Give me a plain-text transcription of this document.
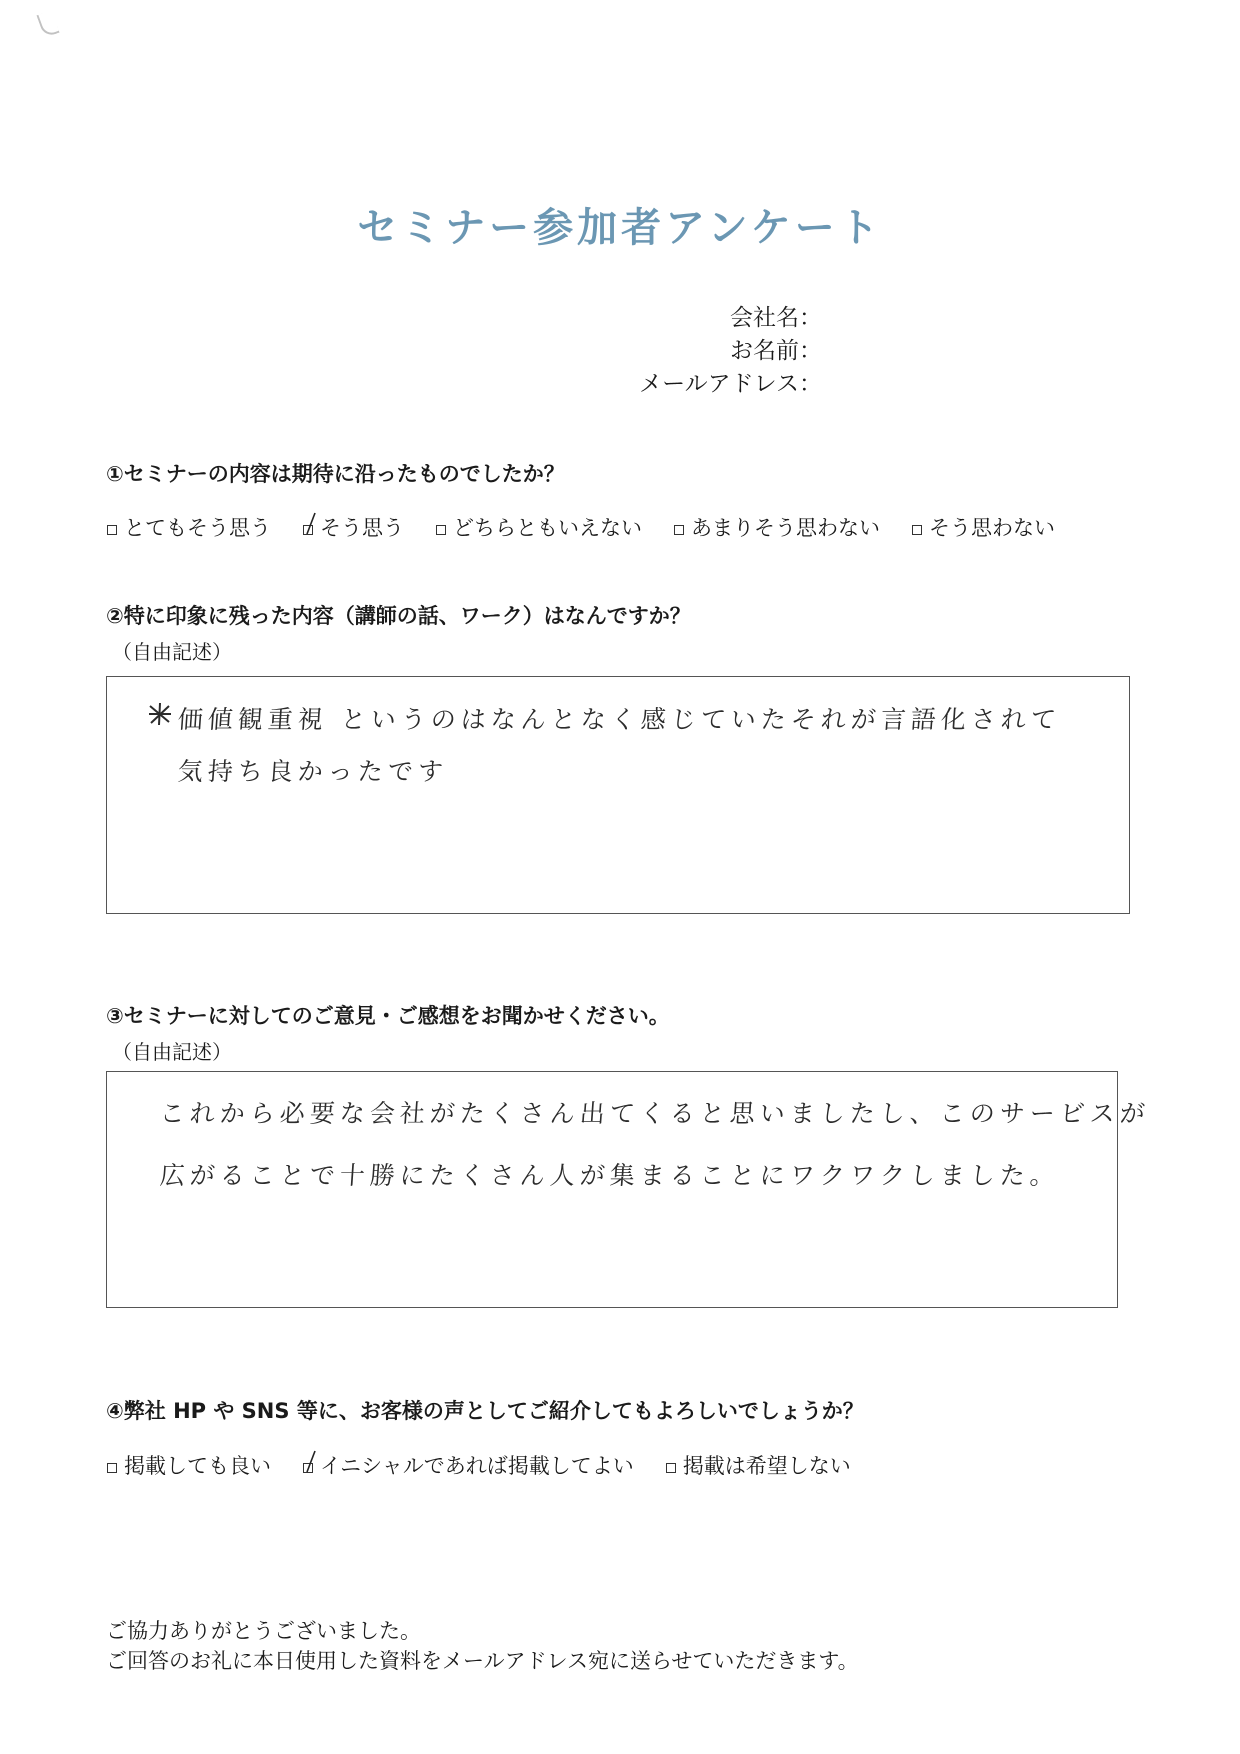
セミナー参加者アンケート
会社名：
お名前：
メールアドレス：
①セミナーの内容は期待に沿ったものでしたか？
とてもそう思う そう思う どちらともいえない あまりそう思わない そう思わない
②特に印象に残った内容（講師の話、ワーク）はなんですか？
（自由記述）
価値観重視 というのはなんとなく感じていたそれが言語化されて
気持ち良かったです
③セミナーに対してのご意見・ご感想をお聞かせください。
（自由記述）
これから必要な会社がたくさん出てくると思いましたし、このサービスが
広がることで十勝にたくさん人が集まることにワクワクしました。
④弊社 HP や SNS 等に、お客様の声としてご紹介してもよろしいでしょうか？
掲載しても良い イニシャルであれば掲載してよい 掲載は希望しない
ご協力ありがとうございました。
ご回答のお礼に本日使用した資料をメールアドレス宛に送らせていただきます。
